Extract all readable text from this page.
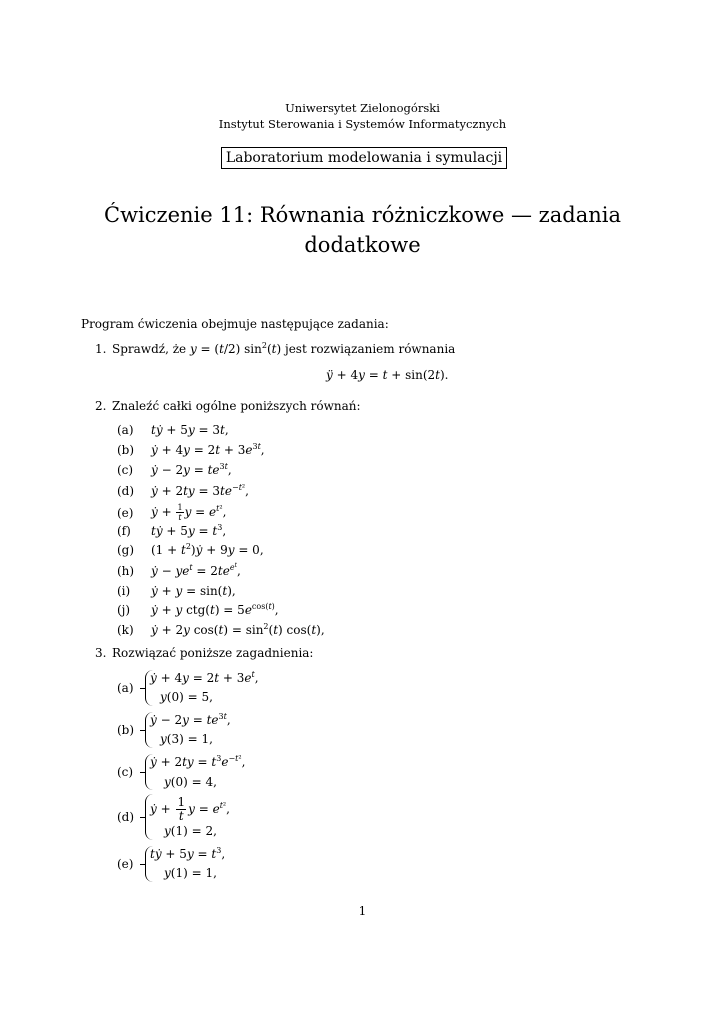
Uniwersytet Zielonogórski
Instytut Sterowania i Systemów Informatycznych
Laboratorium modelowania i symulacji
Ćwiczenie 11: Równania różniczkowe — zadania
dodatkowe
Program ćwiczenia obejmuje następujące zadania:
1. Sprawdź, że y = (t/2) $\sin^2(t)$ jest rozwiązaniem równania
ÿ + 4y = t + sin(2t).
2. Znaleźć całki ogólne poniższych równań:
(a) tẏ + 5y = 3t,
(b) ẏ + $4y = 2t + 3e^{3t}$,
(c) ẏ − $2y = te^{3t}$,
(d) ẏ + $2ty = 3te^{-t^2}$,
(e) ẏ + $\frac{1}{t}$ $y = e^{t^2}$,
(f) tẏ + $5y = t^3$,
(g) $(1 + t^2)ẏ + 9y = 0$,
(h) ẏ − $ye^t = 2te^{e^t}$,
(i) ẏ + y = sin(t),
(j) ẏ + y $ctg(t) = 5e^{cos(t)}$,
(k) ẏ + 2y $\cos(t) = \sin^2(t)$ cos(t),
3. Rozwiązać poniższe zagadnienia:
(a)
ẏ + $4y = 2t + 3e^t$,
y(0) = 5,
(b)
ẏ − $2y = te^{3t}$,
y(3) = 1,
(c)
ẏ + $2ty = t^3e^{-t^2}$,
y(0) = 4,
(d)
ẏ + $\frac{1}{t}$ $y = e^{t^2}$,
y(1) = 2,
(e)
tẏ + $5y = t^3$,
y(1) = 1,
1
